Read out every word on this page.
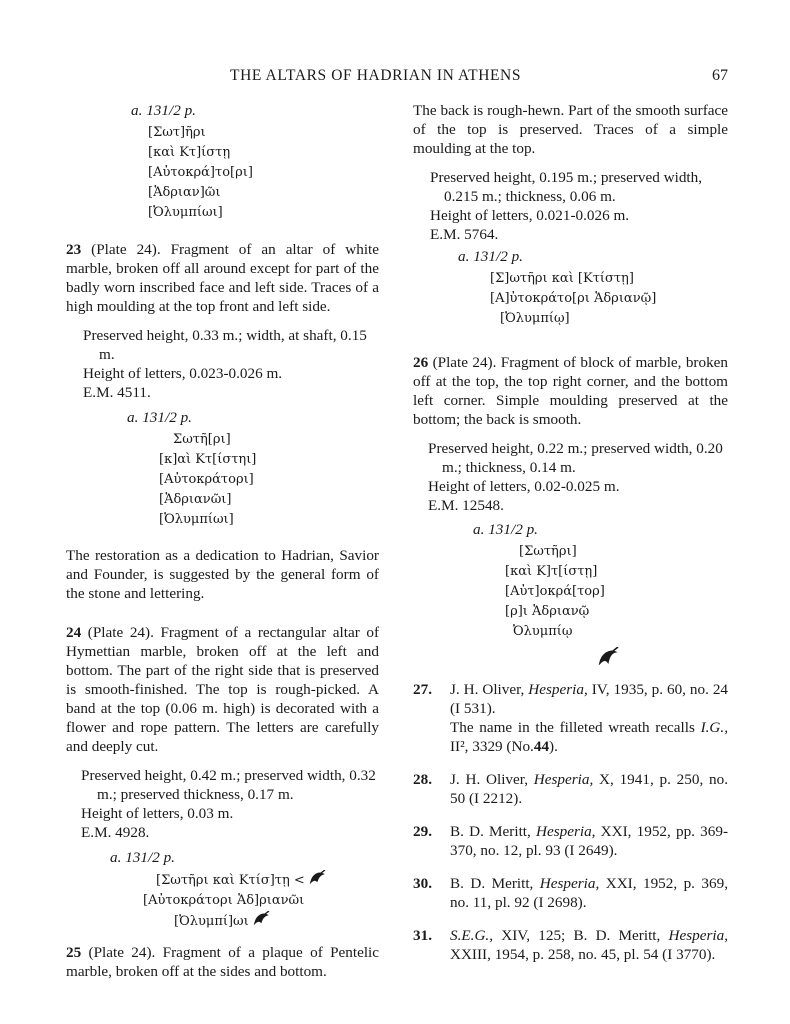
THE ALTARS OF HADRIAN IN ATHENS	67
a. 131/2 p.
[Σωτ]ῆρι
[καὶ Κτ]ίστῃ
[Αὐτοκρά]το[ρι]
[Ἁδριαν]ῶι
[Ὀλυμπίωι]

23 (Plate 24). Fragment of an altar of white marble, broken off all around except for part of the badly worn inscribed face and left side. Traces of a high moulding at the top front and left side.

Preserved height, 0.33 m.; width, at shaft, 0.15 m.
Height of letters, 0.023-0.026 m.
E.M. 4511.
a. 131/2 p.
Σωτῆ[ρι]
[κ]αὶ Κτ[ίστηι]
[Αὐτοκράτορι]
[Ἁδριανῶι]
[Ὀλυμπίωι]

The restoration as a dedication to Hadrian, Savior and Founder, is suggested by the general form of the stone and lettering.

24 (Plate 24). Fragment of a rectangular altar of Hymettian marble, broken off at the left and bottom. The part of the right side that is preserved is smooth-finished. The top is rough-picked. A band at the top (0.06 m. high) is decorated with a flower and rope pattern. The letters are carefully and deeply cut.

Preserved height, 0.42 m.; preserved width, 0.32 m.; preserved thickness, 0.17 m.
Height of letters, 0.03 m.
E.M. 4928.
a. 131/2 p.
[Σωτῆρι καὶ Κτίσ]τῃ <
[Αὐτοκράτορι Ἁδ]ριανῶι
[Ὀλυμπί]ωι

25 (Plate 24). Fragment of a plaque of Pentelic marble, broken off at the sides and bottom.

The back is rough-hewn. Part of the smooth surface of the top is preserved. Traces of a simple moulding at the top.

Preserved height, 0.195 m.; preserved width, 0.215 m.; thickness, 0.06 m.
Height of letters, 0.021-0.026 m.
E.M. 5764.
a. 131/2 p.
[Σ]ωτῆρι καὶ [Κτίστῃ]
[Α]ὐτοκράτο[ρι Ἁδριανῷ]
[Ὀλυμπίῳ]

26 (Plate 24). Fragment of block of marble, broken off at the top, the top right corner, and the bottom left corner. Simple moulding preserved at the bottom; the back is smooth.

Preserved height, 0.22 m.; preserved width, 0.20 m.; thickness, 0.14 m.
Height of letters, 0.02-0.025 m.
E.M. 12548.
a. 131/2 p.
[Σωτῆρι]
[καὶ Κ]τ[ίστῃ]
[Αὐτ]οκρά[τορ]
[ρ]ι Ἁδριανῷ
Ὀλυμπίῳ
27. J. H. Oliver, Hesperia, IV, 1935, p. 60, no. 24 (I 531).
The name in the filleted wreath recalls I.G., II², 3329 (No.44).
28. J. H. Oliver, Hesperia, X, 1941, p. 250, no. 50 (I 2212).
29. B. D. Meritt, Hesperia, XXI, 1952, pp. 369-370, no. 12, pl. 93 (I 2649).
30. B. D. Meritt, Hesperia, XXI, 1952, p. 369, no. 11, pl. 92 (I 2698).
31. S.E.G., XIV, 125; B. D. Meritt, Hesperia, XXIII, 1954, p. 258, no. 45, pl. 54 (I 3770).
